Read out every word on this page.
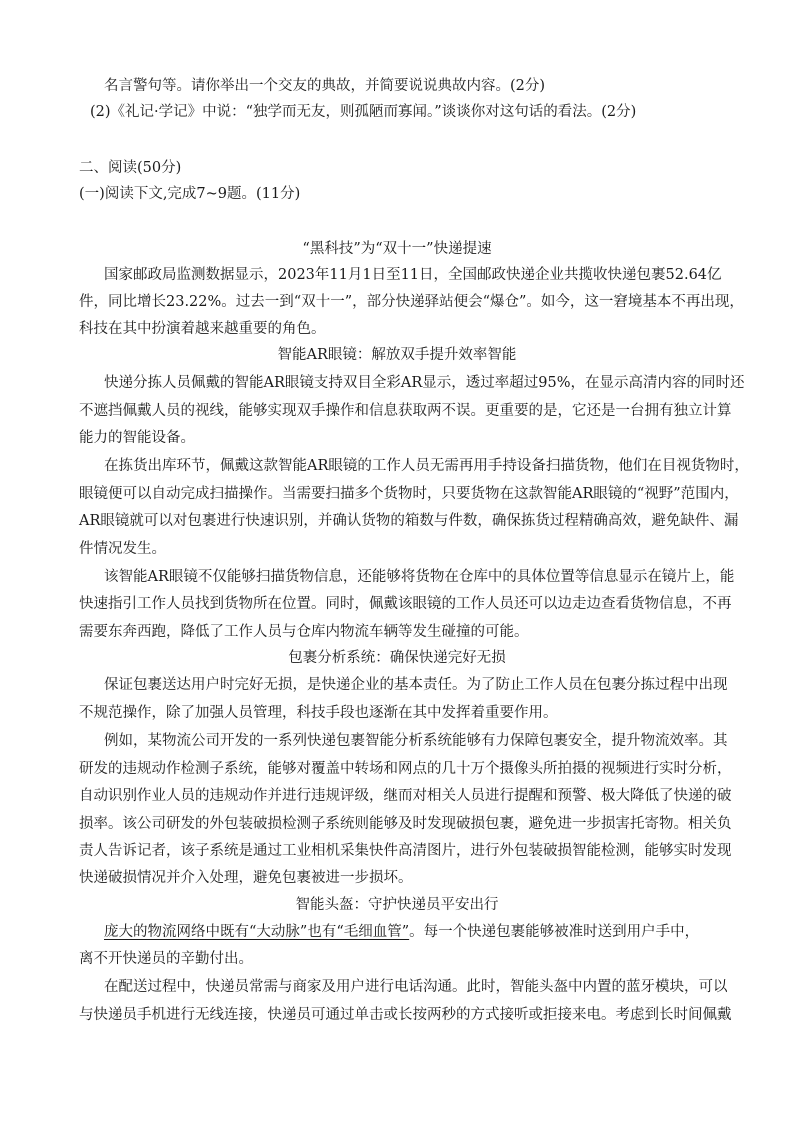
名言警句等。请你举出一个交友的典故，并简要说说典故内容。(2分)

(2)《礼记·学记》中说：“独学而无友，则孤陋而寡闻。”谈谈你对这句话的看法。(2分)

二、阅读(50分)

(一)阅读下文,完成7~9题。(11分)

“黑科技”为“双十一”快递提速

国家邮政局监测数据显示，2023年11月1日至11日，全国邮政快递企业共揽收快递包裹52.64亿

件，同比增长23.22%。过去一到“双十一”，部分快递驿站便会“爆仓”。如今，这一窘境基本不再出现，

科技在其中扮演着越来越重要的角色。

智能AR眼镜：解放双手提升效率智能

快递分拣人员佩戴的智能AR眼镜支持双目全彩AR显示，透过率超过95%，在显示高清内容的同时还

不遮挡佩戴人员的视线，能够实现双手操作和信息获取两不误。更重要的是，它还是一台拥有独立计算

能力的智能设备。

在拣货出库环节，佩戴这款智能AR眼镜的工作人员无需再用手持设备扫描货物，他们在目视货物时，

眼镜便可以自动完成扫描操作。当需要扫描多个货物时，只要货物在这款智能AR眼镜的“视野”范围内，

AR眼镜就可以对包裹进行快速识别，并确认货物的箱数与件数，确保拣货过程精确高效，避免缺件、漏

件情况发生。

该智能AR眼镜不仅能够扫描货物信息，还能够将货物在仓库中的具体位置等信息显示在镜片上，能

快速指引工作人员找到货物所在位置。同时，佩戴该眼镜的工作人员还可以边走边查看货物信息，不再

需要东奔西跑，降低了工作人员与仓库内物流车辆等发生碰撞的可能。

包裹分析系统：确保快递完好无损

保证包裹送达用户时完好无损，是快递企业的基本责任。为了防止工作人员在包裹分拣过程中出现

不规范操作，除了加强人员管理，科技手段也逐渐在其中发挥着重要作用。

例如，某物流公司开发的一系列快递包裹智能分析系统能够有力保障包裹安全，提升物流效率。其

研发的违规动作检测子系统，能够对覆盖中转场和网点的几十万个摄像头所拍摄的视频进行实时分析，

自动识别作业人员的违规动作并进行违规评级，继而对相关人员进行提醒和预警、极大降低了快递的破

损率。该公司研发的外包装破损检测子系统则能够及时发现破损包裹，避免进一步损害托寄物。相关负

责人告诉记者，该子系统是通过工业相机采集快件高清图片，进行外包装破损智能检测，能够实时发现

快递破损情况并介入处理，避免包裹被进一步损坏。

智能头盔：守护快递员平安出行

庞大的物流网络中既有“大动脉”也有“毛细血管”。每一个快递包裹能够被准时送到用户手中，

离不开快递员的辛勤付出。

在配送过程中，快递员常需与商家及用户进行电话沟通。此时，智能头盔中内置的蓝牙模块，可以

与快递员手机进行无线连接，快递员可通过单击或长按两秒的方式接听或拒接来电。考虑到长时间佩戴
